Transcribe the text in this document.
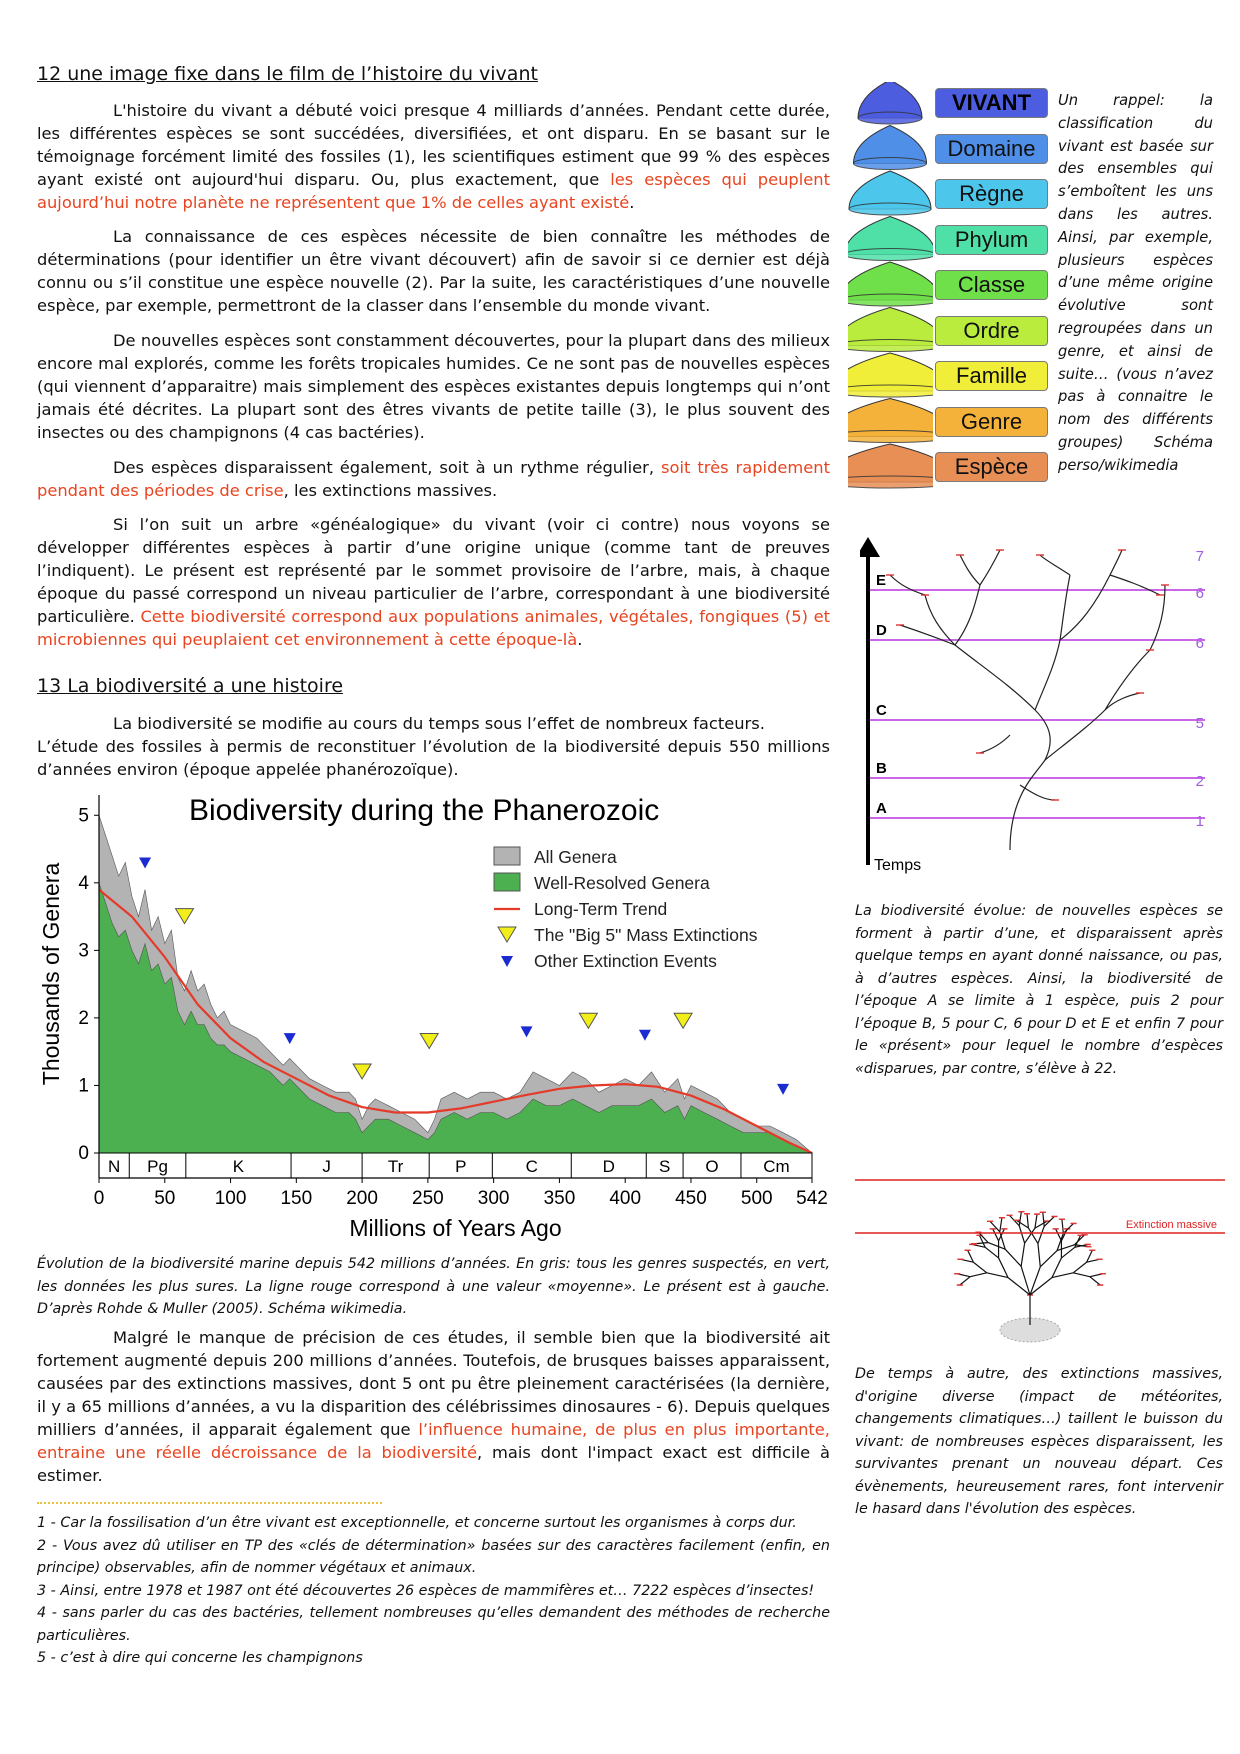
12 une image fixe dans le film de l’histoire du vivant
L'histoire du vivant a débuté voici presque 4 milliards d’années. Pendant cette durée, les différentes espèces se sont succédées, diversifiées, et ont disparu. En se basant sur le témoignage forcément limité des fossiles (1), les scientifiques estiment que 99 % des espèces ayant existé ont aujourd'hui disparu. Ou, plus exactement, que les espèces qui peuplent aujourd’hui notre planète ne représentent que 1% de celles ayant existé.
La connaissance de ces espèces nécessite de bien connaître les méthodes de déterminations (pour identifier un être vivant découvert) afin de savoir si ce dernier est déjà connu ou s’il constitue une espèce nouvelle (2). Par la suite, les caractéristiques d’une nouvelle espèce, par exemple, permettront de la classer dans l’ensemble du monde vivant.
De nouvelles espèces sont constamment découvertes, pour la plupart dans des milieux encore mal explorés, comme les forêts tropicales humides. Ce ne sont pas de nouvelles espèces (qui viennent d’apparaitre) mais simplement des espèces existantes depuis longtemps qui n’ont jamais été décrites. La plupart sont des êtres vivants de petite taille (3), le plus souvent des insectes ou des champignons (4 cas bactéries).
Des espèces disparaissent également, soit à un rythme régulier, soit très rapidement pendant des périodes de crise, les extinctions massives.
Si l’on suit un arbre «généalogique» du vivant (voir ci contre) nous voyons se développer différentes espèces à partir d’une origine unique (comme tant de preuves l’indiquent). Le présent est représenté par le sommet provisoire de l’arbre, mais, à chaque époque du passé correspond un niveau particulier de l’arbre, correspondant à une biodiversité particulière. Cette biodiversité correspond aux populations animales, végétales, fongiques (5) et microbiennes qui peuplaient cet environnement à cette époque-là.
13 La biodiversité a une histoire
La biodiversité se modifie au cours du temps sous l’effet de nombreux facteurs.
L’étude des fossiles à permis de reconstituer l’évolution de la biodiversité depuis 550 millions d’années environ (époque appelée phanérozoïque).
N Pg	K	J	Tr	P	C	D	S O	Cm
0
1
2
3
4
5
0	50 100 150 200 250 300 350 400 450 500 542
Biodiversity during the Phanerozoic
Millions of Years Ago
Thousands of Genera
All Genera
Well-Resolved Genera
Long-Term Trend
The "Big 5" Mass Extinctions
Other Extinction Events
Évolution de la biodiversité marine depuis 542 millions d’années. En gris: tous les genres suspectés, en vert, les données les plus sures. La ligne rouge correspond à une valeur «moyenne». Le présent est à gauche. D’après Rohde & Muller (2005). Schéma wikimedia.
Malgré le manque de précision de ces études, il semble bien que la biodiversité ait fortement augmenté depuis 200 millions d’années. Toutefois, de brusques baisses apparaissent, causées par des extinctions massives, dont 5 ont pu être pleinement caractérisées (la dernière, il y a 65 millions d’années, a vu la disparition des célébrissimes dinosaures - 6). Depuis quelques milliers d’années, il apparait également que l’influence humaine, de plus en plus importante, entraine une réelle décroissance de la biodiversité, mais dont l'impact exact est difficile à estimer.
1 - Car la fossilisation d’un être vivant est exceptionnelle, et concerne surtout les organismes à corps dur.
2 - Vous avez dû utiliser en TP des «clés de détermination» basées sur des caractères facilement (enfin, en principe) observables, afin de nommer végétaux et animaux.
3 - Ainsi, entre 1978 et 1987 ont été découvertes 26 espèces de mammifères et… 7222 espèces d’insectes!
4 - sans parler du cas des bactéries, tellement nombreuses qu’elles demandent des méthodes de recherche particulières.
5 - c’est à dire qui concerne les champignons
VIVANT
Domaine
Règne
Phylum
Classe
Ordre
Famille
Genre
Espèce
Un rappel: la classification du vivant est basée sur des ensembles qui s’emboîtent les uns dans les autres. Ainsi, par exemple, plusieurs espèces d’une même origine évolutive sont regroupées dans un genre, et ainsi de suite… (vous n’avez pas à connaitre le nom des différents groupes) Schéma perso/wikimedia
Temps
E
6
D
6
C
5
B
2
A
1
7
La biodiversité évolue: de nouvelles espèces se forment à partir d’une, et disparaissent après quelque temps en ayant donné naissance, ou pas, à d’autres espèces. Ainsi, la biodiversité de l’époque A se limite à 1 espèce, puis 2 pour l’époque B, 5 pour C, 6 pour D et E et enfin 7 pour le «présent» pour lequel le nombre d’espèces «disparues, par contre, s’élève à 22.
Extinction massive
De temps à autre, des extinctions massives, d'origine diverse (impact de météorites, changements climatiques…) taillent le buisson du vivant: de nombreuses espèces disparaissent, les survivantes prenant un nouveau départ. Ces évènements, heureusement rares, font intervenir le hasard dans l'évolution des espèces.
